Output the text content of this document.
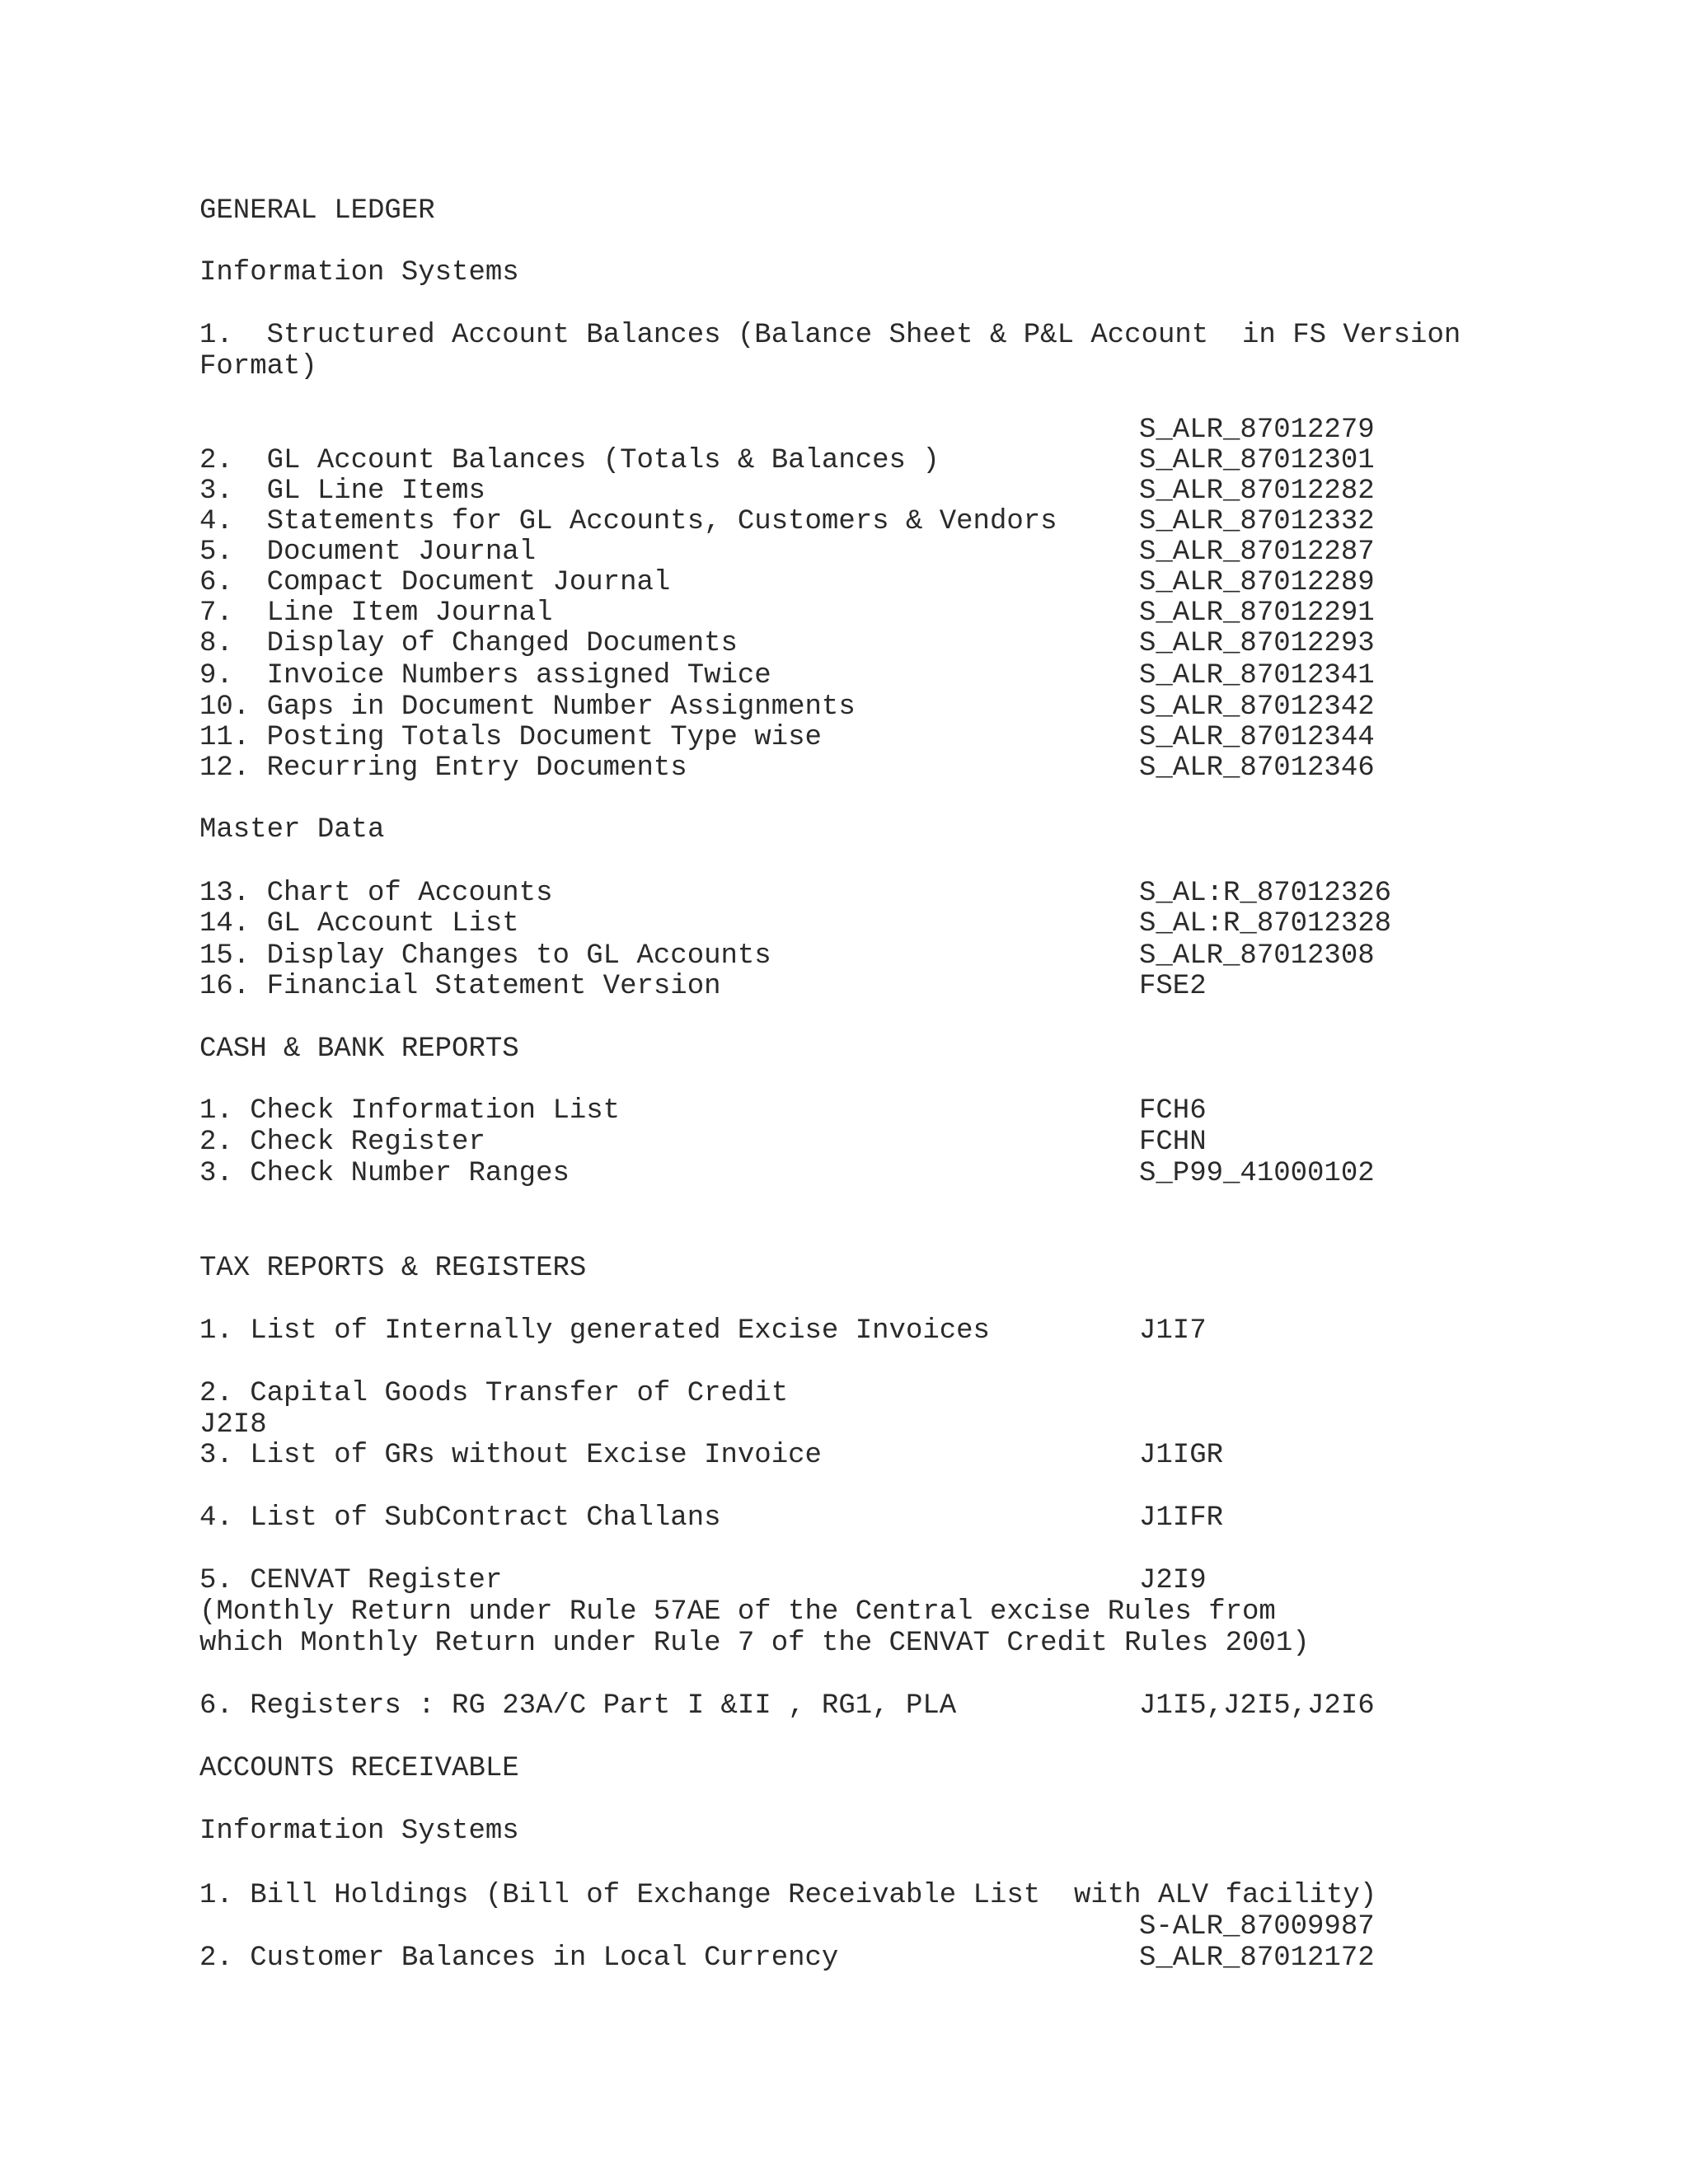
GENERAL LEDGER
Information Systems
1.  Structured Account Balances (Balance Sheet & P&L Account  in FS Version
Format)
S_ALR_87012279
2.  GL Account Balances (Totals & Balances )	S_ALR_87012301
3.  GL Line Items	S_ALR_87012282
4.  Statements for GL Accounts, Customers & Vendors	S_ALR_87012332
5.  Document Journal	S_ALR_87012287
6.  Compact Document Journal	S_ALR_87012289
7.  Line Item Journal	S_ALR_87012291
8.  Display of Changed Documents	S_ALR_87012293
9.  Invoice Numbers assigned Twice	S_ALR_87012341
10. Gaps in Document Number Assignments	S_ALR_87012342
11. Posting Totals Document Type wise	S_ALR_87012344
12. Recurring Entry Documents	S_ALR_87012346
Master Data
13. Chart of Accounts	S_AL:R_87012326
14. GL Account List	S_AL:R_87012328
15. Display Changes to GL Accounts	S_ALR_87012308
16. Financial Statement Version	FSE2
CASH & BANK REPORTS
1. Check Information List	FCH6
2. Check Register	FCHN
3. Check Number Ranges	S_P99_41000102
TAX REPORTS & REGISTERS
1. List of Internally generated Excise Invoices	J1I7
2. Capital Goods Transfer of Credit
J2I8
3. List of GRs without Excise Invoice	J1IGR
4. List of SubContract Challans	J1IFR
5. CENVAT Register	J2I9
(Monthly Return under Rule 57AE of the Central excise Rules from
which Monthly Return under Rule 7 of the CENVAT Credit Rules 2001)
6. Registers : RG 23A/C Part I &II , RG1, PLA	J1I5,J2I5,J2I6
ACCOUNTS RECEIVABLE
Information Systems
1. Bill Holdings (Bill of Exchange Receivable List  with ALV facility)
S-ALR_87009987
2. Customer Balances in Local Currency	S_ALR_87012172
